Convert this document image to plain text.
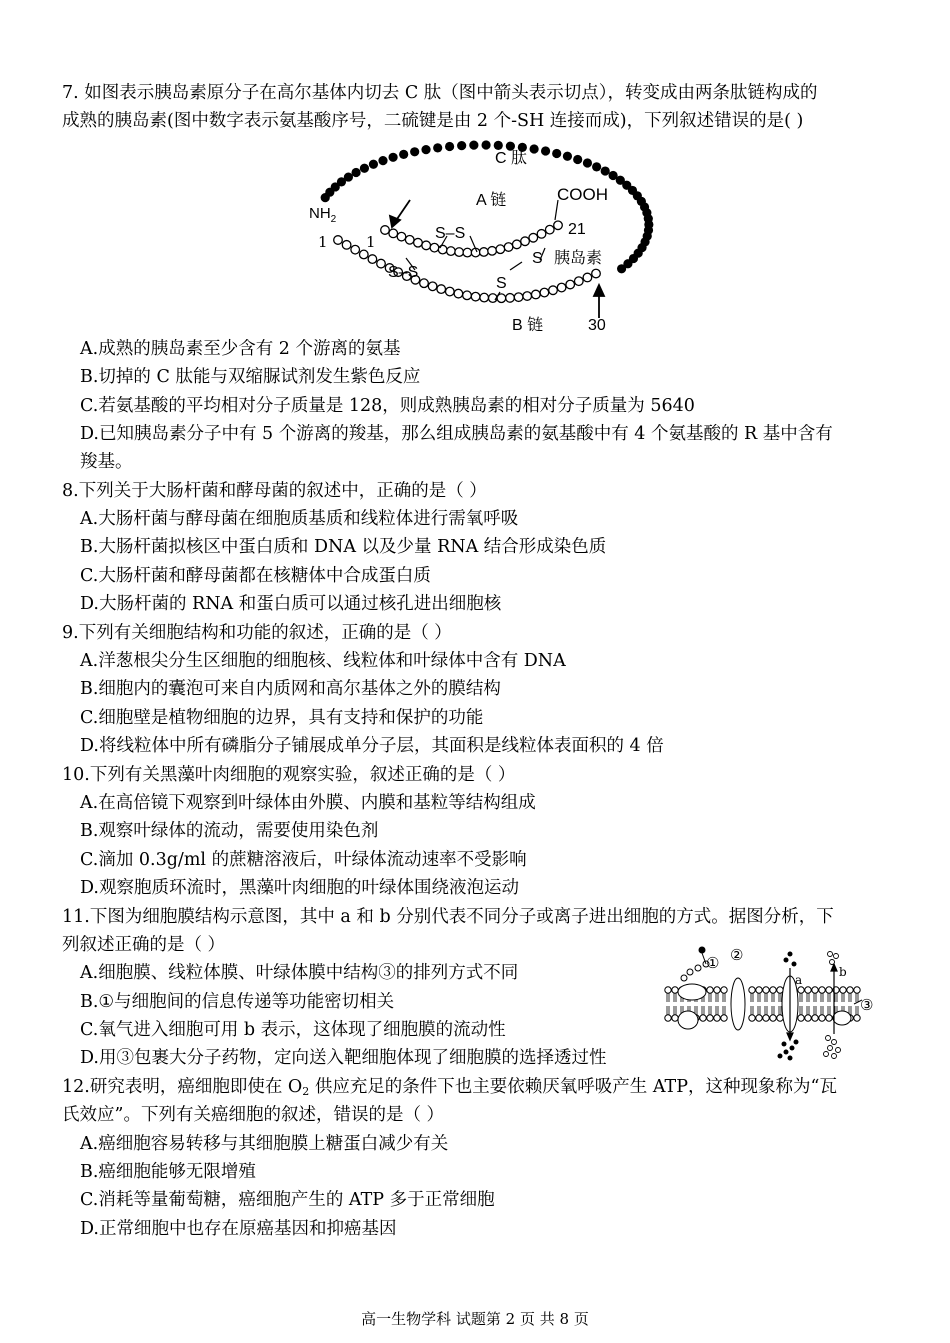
7. 如图表示胰岛素原分子在高尔基体内切去 C 肽（图中箭头表示切点），转变成由两条肽链构成的
成熟的胰岛素(图中数字表示氨基酸序号，二硫键是由 2 个-SH 连接而成)，下列叙述错误的是( )
C 肽
A 链
B 链
COOH
$NH_2$
胰岛素
1	1
21
30
S–S
S–S
S
S
A.成熟的胰岛素至少含有 2 个游离的氨基
B.切掉的 C 肽能与双缩脲试剂发生紫色反应
C.若氨基酸的平均相对分子质量是 128，则成熟胰岛素的相对分子质量为 5640
D.已知胰岛素分子中有 5 个游离的羧基，那么组成胰岛素的氨基酸中有 4 个氨基酸的 R 基中含有
羧基。
8.下列关于大肠杆菌和酵母菌的叙述中，正确的是（ ）
A.大肠杆菌与酵母菌在细胞质基质和线粒体进行需氧呼吸
B.大肠杆菌拟核区中蛋白质和 DNA 以及少量 RNA 结合形成染色质
C.大肠杆菌和酵母菌都在核糖体中合成蛋白质
D.大肠杆菌的 RNA 和蛋白质可以通过核孔进出细胞核
9.下列有关细胞结构和功能的叙述，正确的是（ ）
A.洋葱根尖分生区细胞的细胞核、线粒体和叶绿体中含有 DNA
B.细胞内的囊泡可来自内质网和高尔基体之外的膜结构
C.细胞壁是植物细胞的边界，具有支持和保护的功能
D.将线粒体中所有磷脂分子铺展成单分子层，其面积是线粒体表面积的 4 倍
10.下列有关黑藻叶肉细胞的观察实验，叙述正确的是（ ）
A.在高倍镜下观察到叶绿体由外膜、内膜和基粒等结构组成
B.观察叶绿体的流动，需要使用染色剂
C.滴加 0.3g/ml 的蔗糖溶液后，叶绿体流动速率不受影响
D.观察胞质环流时，黑藻叶肉细胞的叶绿体围绕液泡运动
11.下图为细胞膜结构示意图，其中 a 和 b 分别代表不同分子或离子进出细胞的方式。据图分析，下
列叙述正确的是（ ）
A.细胞膜、线粒体膜、叶绿体膜中结构③的排列方式不同
B.①与细胞间的信息传递等功能密切相关
C.氧气进入细胞可用 b 表示，这体现了细胞膜的流动性
D.用③包裹大分子药物，定向送入靶细胞体现了细胞膜的选择透过性
① ②
③
a
b
12.研究表明，癌细胞即使在 $O_2$ 供应充足的条件下也主要依赖厌氧呼吸产生 ATP，这种现象称为“瓦
氏效应”。下列有关癌细胞的叙述，错误的是（ ）
A.癌细胞容易转移与其细胞膜上糖蛋白减少有关
B.癌细胞能够无限增殖
C.消耗等量葡萄糖，癌细胞产生的 ATP 多于正常细胞
D.正常细胞中也存在原癌基因和抑癌基因
高一生物学科 试题第 2 页 共 8 页
